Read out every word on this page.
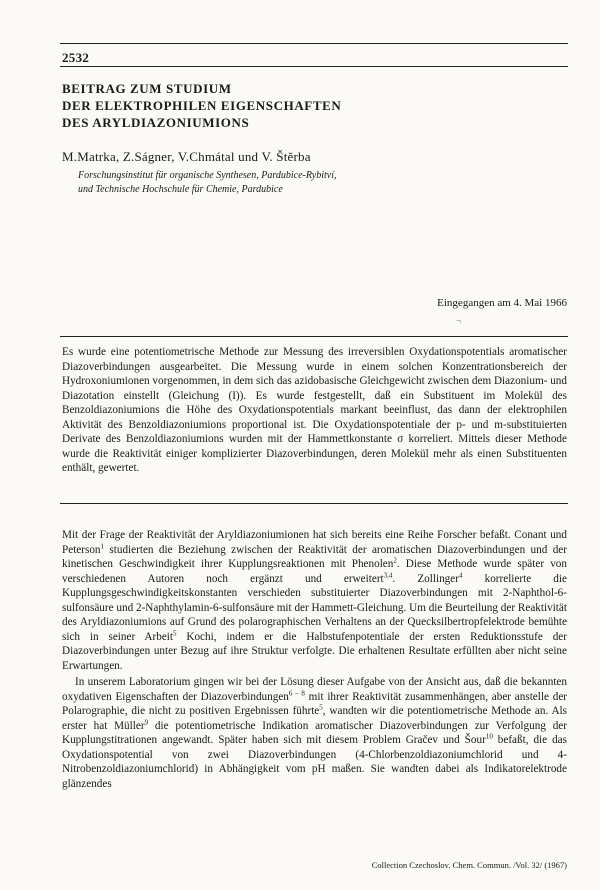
2532
BEITRAG ZUM STUDIUM
DER ELEKTROPHILEN EIGENSCHAFTEN
DES ARYLDIAZONIUMIONS
M.Matrka, Z.Ságner, V.Chmátal und V. Štěrba
Forschungsinstitut für organische Synthesen, Pardubice-Rybitví,
und Technische Hochschule für Chemie, Pardubice
Eingegangen am 4. Mai 1966
¬
Es wurde eine potentiometrische Methode zur Messung des irreversiblen Oxydationspotentials aromatischer Diazoverbindungen ausgearbeitet. Die Messung wurde in einem solchen Konzentrationsbereich der Hydroxoniumionen vorgenommen, in dem sich das azidobasische Gleichgewicht zwischen dem Diazonium- und Diazotation einstellt (Gleichung (I)). Es wurde festgestellt, daß ein Substituent im Molekül des Benzoldiazoniumions die Höhe des Oxydationspotentials markant beeinflust, das dann der elektrophilen Aktivität des Benzoldiazoniumions proportional ist. Die Oxydationspotentiale der p- und m-substituierten Derivate des Benzoldiazoniumions wurden mit der Hammettkonstante σ korreliert. Mittels dieser Methode wurde die Reaktivität einiger komplizierter Diazoverbindungen, deren Molekül mehr als einen Substituenten enthält, gewertet.

Mit der Frage der Reaktivität der Aryldiazoniumionen hat sich bereits eine Reihe Forscher befaßt. Conant und Peterson$^1$ studierten die Beziehung zwischen der Reaktivität der aromatischen Diazoverbindungen und der kinetischen Geschwindigkeit ihrer Kupplungsreaktionen mit Phenolen$^2$. Diese Methode wurde später von verschiedenen Autoren noch ergänzt und erweitert$^{3,4}$. Zollinger$^4$ korrelierte die Kupplungsgeschwindigkeitskonstanten verschieden substituierter Diazoverbindungen mit 2-Naphthol-6-sulfonsäure und 2-Naphthylamin-6-sulfonsäure mit der Hammett-Gleichung. Um die Beurteilung der Reaktivität des Aryldiazoniumions auf Grund des polarographischen Verhaltens an der Quecksilbertropfelektrode bemühte sich in seiner Arbeit$^5$ Kochi, indem er die Halbstufenpotentiale der ersten Reduktionsstufe der Diazoverbindungen unter Bezug auf ihre Struktur verfolgte. Die erhaltenen Resultate erfüllten aber nicht seine Erwartungen.

In unserem Laboratorium gingen wir bei der Lösung dieser Aufgabe von der Ansicht aus, daß die bekannten oxydativen Eigenschaften der Diazoverbindungen$^{6 - 8}$ mit ihrer Reaktivität zusammenhängen, aber anstelle der Polarographie, die nicht zu positiven Ergebnissen führte$^5$, wandten wir die potentiometrische Methode an. Als erster hat Müller$^9$ die potentiometrische Indikation aromatischer Diazoverbindungen zur Verfolgung der Kupplungstitrationen angewandt. Später haben sich mit diesem Problem Gračev und Šour$^{10}$ befaßt, die das Oxydationspotential von zwei Diazoverbindungen (4-Chlorbenzoldiazoniumchlorid und 4-Nitrobenzoldiazoniumchlorid) in Abhängigkeit vom pH maßen. Sie wandten dabei als Indikatorelektrode glänzendes

Collection Czechoslov. Chem. Commun. /Vol. 32/ (1967)
